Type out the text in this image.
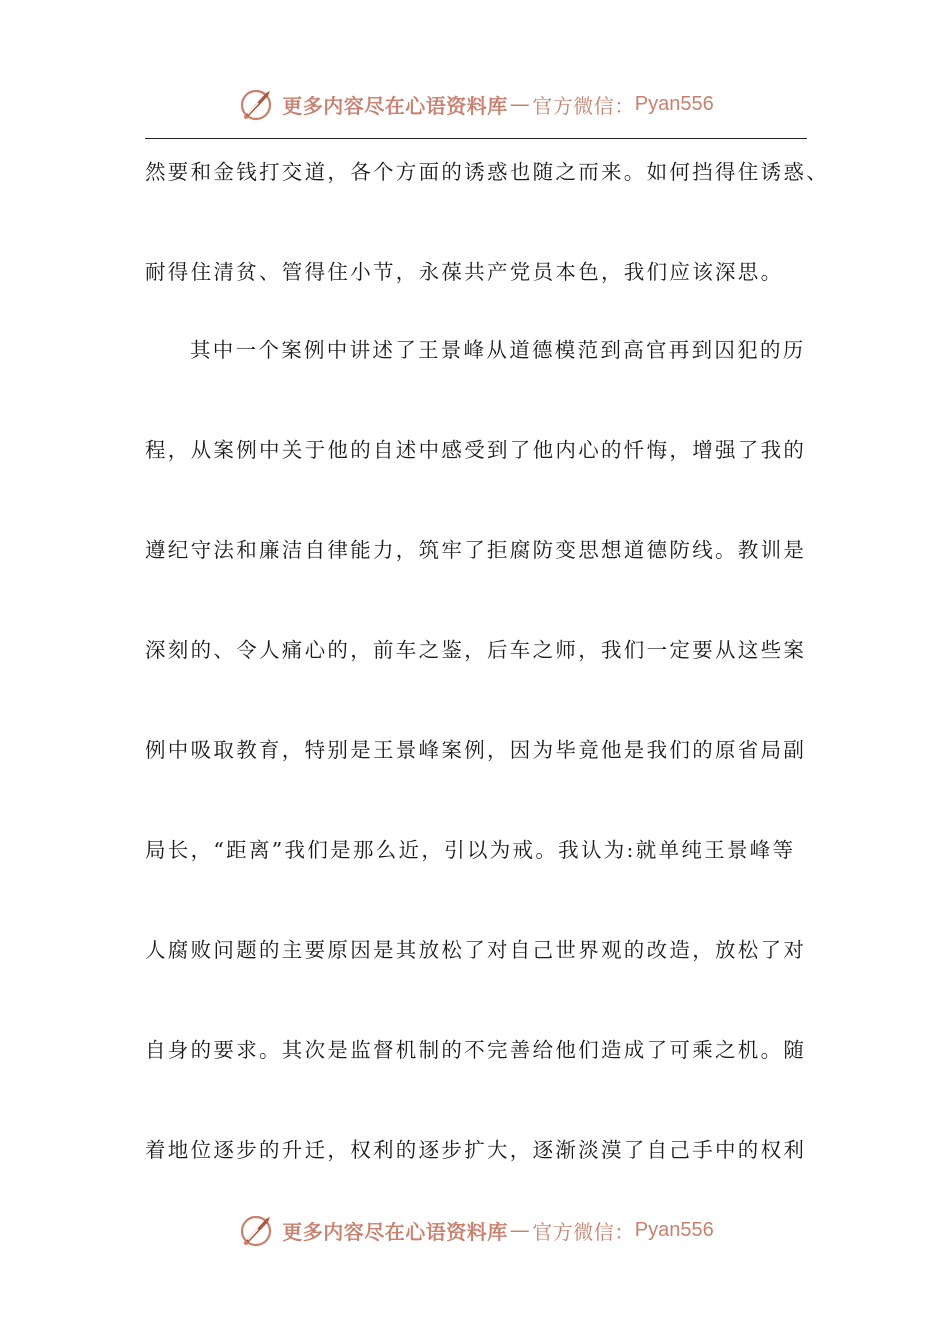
更多内容尽在心语资料库 — 官方微信： Pyan556
然要和金钱打交道，各个方面的诱惑也随之而来。如何挡得住诱惑、
耐得住清贫、管得住小节，永葆共产党员本色，我们应该深思。
其中一个案例中讲述了王景峰从道德模范到高官再到囚犯的历
程，从案例中关于他的自述中感受到了他内心的忏悔，增强了我的
遵纪守法和廉洁自律能力，筑牢了拒腐防变思想道德防线。教训是
深刻的、令人痛心的，前车之鉴，后车之师，我们一定要从这些案
例中吸取教育，特别是王景峰案例，因为毕竟他是我们的原省局副
局长，“距离”我们是那么近，引以为戒。我认为:就单纯王景峰等
人腐败问题的主要原因是其放松了对自己世界观的改造，放松了对
自身的要求。其次是监督机制的不完善给他们造成了可乘之机。随
着地位逐步的升迁，权利的逐步扩大，逐渐淡漠了自己手中的权利
更多内容尽在心语资料库 — 官方微信： Pyan556
